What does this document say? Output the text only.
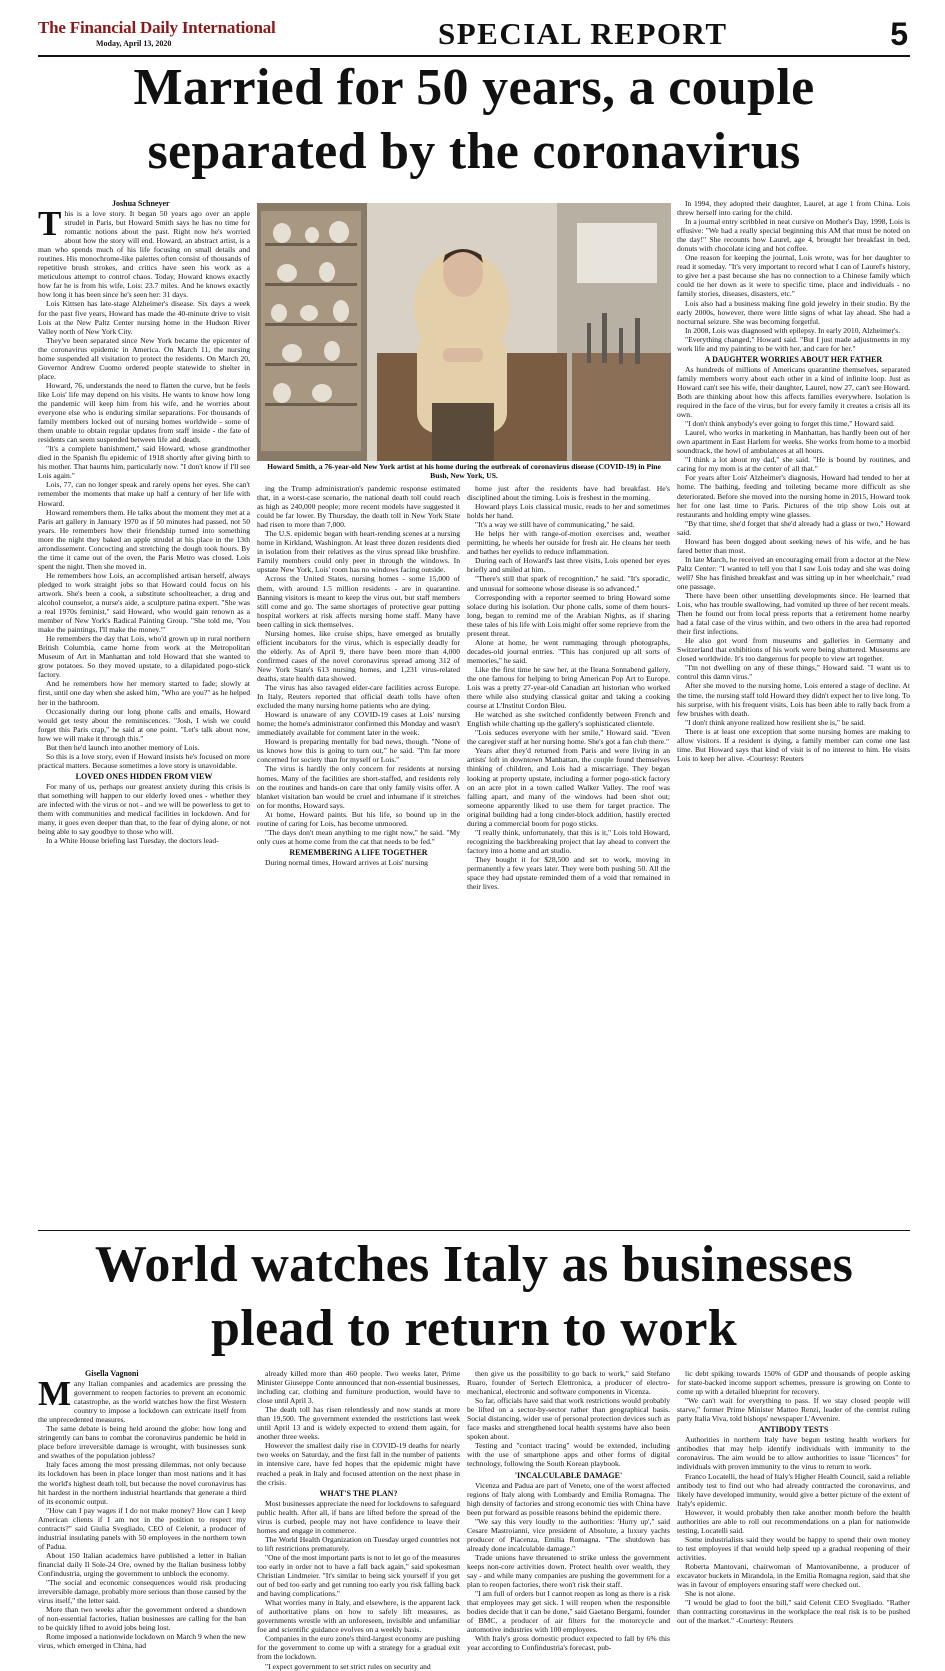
The Financial Daily International
Moday, April 13, 2020	SPECIAL REPORT	5
Married for 50 years, a couple
separated by the coronavirus
Joshua Schneyer

This is a love story. It began 50 years ago over an apple strudel in Paris, but Howard Smith says he has no time for romantic notions about the past. Right now he's worried about how the story will end. Howard, an abstract artist, is a man who spends much of his life focusing on small details and routines. His monochrome-like palettes often consist of thousands of repetitive brush strokes, and critics have seen his work as a meticulous attempt to control chaos. Today, Howard knows exactly how far he is from his wife, Lois: 23.7 miles. And he knows exactly how long it has been since he's seen her: 31 days.

Lois Kittsen has late-stage Alzheimer's disease. Six days a week for the past five years, Howard has made the 40-minute drive to visit Lois at the New Paltz Center nursing home in the Hudson River Valley north of New York City.

They've been separated since New York became the epicenter of the coronavirus epidemic in America. On March 11, the nursing home suspended all visitation to protect the residents. On March 20, Governor Andrew Cuomo ordered people statewide to shelter in place.

Howard, 76, understands the need to flatten the curve, but he feels like Lois' life may depend on his visits. He wants to know how long the pandemic will keep him from his wife, and he worries about everyone else who is enduring similar separations. For thousands of family members locked out of nursing homes worldwide - some of them unable to obtain regular updates from staff inside - the fate of residents can seem suspended between life and death.

"It's a complete banishment," said Howard, whose grandmother died in the Spanish flu epidemic of 1918 shortly after giving birth to his mother. That haunts him, particularly now. "I don't know if I'll see Lois again."

Lois, 77, can no longer speak and rarely opens her eyes. She can't remember the moments that make up half a century of her life with Howard.

Howard remembers them. He talks about the moment they met at a Paris art gallery in January 1970 as if 50 minutes had passed, not 50 years. He remembers how their friendship turned into something more the night they baked an apple strudel at his place in the 13th arrondissement. Concocting and stretching the dough took hours. By the time it came out of the oven, the Paris Metro was closed. Lois spent the night. Then she moved in.

He remembers how Lois, an accomplished artisan herself, always pledged to work straight jobs so that Howard could focus on his artwork. She's been a cook, a substitute schoolteacher, a drug and alcohol counselor, a nurse's aide, a sculpture patina expert. "She was a real 1970s feminist," said Howard, who would gain renown as a member of New York's Radical Painting Group. "She told me, 'You make the paintings, I'll make the money.'"

He remembers the day that Lois, who'd grown up in rural northern British Columbia, came home from work at the Metropolitan Museum of Art in Manhattan and told Howard that she wanted to grow potatoes. So they moved upstate, to a dilapidated pogo-stick factory.

And he remembers how her memory started to fade; slowly at first, until one day when she asked him, "Who are you?" as he helped her in the bathroom.

Occasionally during our long phone calls and emails, Howard would get testy about the reminiscences. "Josh, I wish we could forget this Paris crap," he said at one point. "Let's talk about now, how we will make it through this."

But then he'd launch into another memory of Lois.

So this is a love story, even if Howard insists he's focused on more practical matters. Because sometimes a love story is unavoidable.

LOVED ONES HIDDEN FROM VIEW

For many of us, perhaps our greatest anxiety during this crisis is that something will happen to our elderly loved ones - whether they are infected with the virus or not - and we will be powerless to get to them with communities and medical facilities in lockdown. And for many, it goes even deeper than that, to the fear of dying alone, or not being able to say goodbye to those who will.

In a White House briefing last Tuesday, the doctors lead-

ing the Trump administration's pandemic response estimated that, in a worst-case scenario, the national death toll could reach as high as 240,000 people; more recent models have suggested it could be far lower. By Thursday, the death toll in New York State had risen to more than 7,000.

The U.S. epidemic began with heart-rending scenes at a nursing home in Kirkland, Washington. At least three dozen residents died in isolation from their relatives as the virus spread like brushfire. Family members could only peer in through the windows. In upstate New York, Lois' room has no windows facing outside.

Across the United States, nursing homes - some 15,000 of them, with around 1.5 million residents - are in quarantine. Banning visitors is meant to keep the virus out, but staff members still come and go. The same shortages of protective gear putting hospital workers at risk affects nursing home staff. Many have been calling in sick themselves.

Nursing homes, like cruise ships, have emerged as brutally efficient incubators for the virus, which is especially deadly for the elderly. As of April 9, there have been more than 4,000 confirmed cases of the novel coronavirus spread among 312 of New York State's 613 nursing homes, and 1,231 virus-related deaths, state health data showed.

The virus has also ravaged elder-care facilities across Europe. In Italy, Reuters reported that official death tolls have often excluded the many nursing home patients who are dying.

Howard is unaware of any COVID-19 cases at Lois' nursing home; the home's administrator confirmed this Monday and wasn't immediately available for comment later in the week.

Howard is preparing mentally for bad news, though. "None of us knows how this is going to turn out," he said. "I'm far more concerned for society than for myself or Lois."

The virus is hardly the only concern for residents at nursing homes. Many of the facilities are short-staffed, and residents rely on the routines and hands-on care that only family visits offer. A blanket visitation ban would be cruel and inhumane if it stretches on for months, Howard says.

At home, Howard paints. But his life, so bound up in the routine of caring for Lois, has become unmoored.

"The days don't mean anything to me right now," he said. "My only cues at home come from the cat that needs to be fed."

REMEMBERING A LIFE TOGETHER

During normal times, Howard arrives at Lois' nursing

home just after the residents have had breakfast. He's disciplined about the timing. Lois is freshest in the morning.

Howard plays Lois classical music, reads to her and sometimes holds her hand.

"It's a way we still have of communicating," he said.

He helps her with range-of-motion exercises and, weather permitting, he wheels her outside for fresh air. He cleans her teeth and bathes her eyelids to reduce inflammation.

During each of Howard's last three visits, Lois opened her eyes briefly and smiled at him.

"There's still that spark of recognition," he said. "It's sporadic, and unusual for someone whose disease is so advanced."

Corresponding with a reporter seemed to bring Howard some solace during his isolation. Our phone calls, some of them hours-long, began to remind me of the Arabian Nights, as if sharing these tales of his life with Lois might offer some reprieve from the present threat.

Alone at home, he went rummaging through photographs, decades-old journal entries. "This has conjured up all sorts of memories," he said.

Like the first time he saw her, at the Ileana Sonnabend gallery, the one famous for helping to bring American Pop Art to Europe. Lois was a pretty 27-year-old Canadian art historian who worked there while also studying classical guitar and taking a cooking course at L'Institut Cordon Bleu.

He watched as she switched confidently between French and English while chatting up the gallery's sophisticated clientele.

"Lois seduces everyone with her smile," Howard said. "Even the caregiver staff at her nursing home. She's got a fan club there."

Years after they'd returned from Paris and were living in an artists' loft in downtown Manhattan, the couple found themselves thinking of children, and Lois had a miscarriage. They began looking at property upstate, including a former pogo-stick factory on an acre plot in a town called Walker Valley. The roof was falling apart, and many of the windows had been shot out; someone apparently liked to use them for target practice. The original building had a long cinder-block addition, hastily erected during a commercial boom for pogo sticks.

"I really think, unfortunately, that this is it," Lois told Howard, recognizing the backbreaking project that lay ahead to convert the factory into a home and art studio.

They bought it for $28,500 and set to work, moving in permanently a few years later. They were both pushing 50. All the space they had upstate reminded them of a void that remained in their lives.

In 1994, they adopted their daughter, Laurel, at age 1 from China. Lois threw herself into caring for the child.

In a journal entry scribbled in neat cursive on Mother's Day, 1998, Lois is effusive: "We had a really special beginning this AM that must be noted on the day!" She recounts how Laurel, age 4, brought her breakfast in bed, donuts with chocolate icing and hot coffee.

One reason for keeping the journal, Lois wrote, was for her daughter to read it someday. "It's very important to record what I can of Laurel's history, to give her a past because she has no connection to a Chinese family which could tie her down as it were to specific time, place and individuals - no family stories, diseases, disasters, etc."

Lois also had a business making fine gold jewelry in their studio. By the early 2000s, however, there were little signs of what lay ahead. She had a nocturnal seizure. She was becoming forgetful.

In 2008, Lois was diagnosed with epilepsy. In early 2010, Alzheimer's.

"Everything changed," Howard said. "But I just made adjustments in my work life and my painting to be with her, and care for her."

A DAUGHTER WORRIES ABOUT HER FATHER

As hundreds of millions of Americans quarantine themselves, separated family members worry about each other in a kind of infinite loop. Just as Howard can't see his wife, their daughter, Laurel, now 27, can't see Howard. Both are thinking about how this affects families everywhere. Isolation is required in the face of the virus, but for every family it creates a crisis all its own.

"I don't think anybody's ever going to forget this time," Howard said.

Laurel, who works in marketing in Manhattan, has hardly been out of her own apartment in East Harlem for weeks. She works from home to a morbid soundtrack, the howl of ambulances at all hours.

"I think a lot about my dad," she said. "He is bound by routines, and caring for my mom is at the center of all that."

For years after Lois' Alzheimer's diagnosis, Howard had tended to her at home. The bathing, feeding and toileting became more difficult as she deteriorated. Before she moved into the nursing home in 2015, Howard took her for one last time to Paris. Pictures of the trip show Lois out at restaurants and holding empty wine glasses.

"By that time, she'd forget that she'd already had a glass or two," Howard said.

Howard has been dogged about seeking news of his wife, and he has fared better than most.

In late March, he received an encouraging email from a doctor at the New Paltz Center: "I wanted to tell you that I saw Lois today and she was doing well? She has finished breakfast and was sitting up in her wheelchair," read one passage.

There have been other unsettling developments since. He learned that Lois, who has trouble swallowing, had vomited up three of her recent meals. Then he found out from local press reports that a retirement home nearby had a fatal case of the virus within, and two others in the area had reported their first infections.

He also got word from museums and galleries in Germany and Switzerland that exhibitions of his work were being shuttered. Museums are closed worldwide. It's too dangerous for people to view art together.

"I'm not dwelling on any of these things," Howard said. "I want us to control this damn virus."

After she moved to the nursing home, Lois entered a stage of decline. At the time, the nursing staff told Howard they didn't expect her to live long. To his surprise, with his frequent visits, Lois has been able to rally back from a few brushes with death.

"I don't think anyone realized how resilient she is," he said.

There is at least one exception that some nursing homes are making to allow visitors. If a resident is dying, a family member can come one last time. But Howard says that kind of visit is of no interest to him. He visits Lois to keep her alive. -Courtesy: Reuters

Howard Smith, a 76-year-old New York artist at his home during the outbreak of coronavirus disease (COVID-19) in Pine Bush, New York, US.
World watches Italy as businesses
plead to return to work
Gisella Vagnoni

Many Italian companies and academics are pressing the government to reopen factories to prevent an economic catastrophe, as the world watches how the first Western country to impose a lockdown can extricate itself from the unprecedented measures.

The same debate is being held around the globe: how long and stringently can bans to combat the coronavirus pandemic be held in place before irreversible damage is wrought, with businesses sunk and swathes of the population jobless?

Italy faces among the most pressing dilemmas, not only because its lockdown has been in place longer than most nations and it has the world's highest death toll, but because the novel coronavirus has hit hardest in the northern industrial heartlands that generate a third of its economic output.

"How can I pay wages if I do not make money? How can I keep American clients if I am not in the position to respect my contracts?" said Giulia Svegliado, CEO of Celenit, a producer of industrial insulating panels with 50 employees in the northern town of Padua.

About 150 Italian academics have published a letter in Italian financial daily Il Sole-24 Ore, owned by the Italian business lobby Confindustria, urging the government to unblock the economy.

"The social and economic consequences would risk producing irreversible damage, probably more serious than those caused by the virus itself," the letter said.

More than two weeks after the government ordered a shutdown of non-essential factories, Italian businesses are calling for the ban to be quickly lifted to avoid jobs being lost.

Rome imposed a nationwide lockdown on March 9 when the new virus, which emerged in China, had

already killed more than 460 people. Two weeks later, Prime Minister Giuseppe Conte announced that non-essential businesses, including car, clothing and furniture production, would have to close until April 3.

The death toll has risen relentlessly and now stands at more than 19,500. The government extended the restrictions last week until April 13 and is widely expected to extend them again, for another three weeks.

However the smallest daily rise in COVID-19 deaths for nearly two weeks on Saturday, and the first fall in the number of patients in intensive care, have fed hopes that the epidemic might have reached a peak in Italy and focused attention on the next phase in the crisis.

WHAT'S THE PLAN?

Most businesses appreciate the need for lockdowns to safeguard public health. After all, if bans are lifted before the spread of the virus is curbed, people may not have confidence to leave their homes and engage in commerce.

The World Health Organization on Tuesday urged countries not to lift restrictions prematurely.

"One of the most important parts is not to let go of the measures too early in order not to have a fall back again," said spokesman Christian Lindmeier. "It's similar to being sick yourself if you get out of bed too early and get running too early you risk falling back and having complications."

What worries many in Italy, and elsewhere, is the apparent lack of authoritative plans on how to safely lift measures, as governments wrestle with an unforeseen, invisible and unfamiliar foe and scientific guidance evolves on a weekly basis.

Companies in the euro zone's third-largest economy are pushing for the government to come up with a strategy for a gradual exit from the lockdown.

"I expect government to set strict rules on security and

then give us the possibility to go back to work," said Stefano Ruaro, founder of Sertech Elettronica, a producer of electro-mechanical, electronic and software components in Vicenza.

So far, officials have said that work restrictions would probably be lifted on a sector-by-sector rather than geographical basis. Social distancing, wider use of personal protection devices such as face masks and strengthened local health systems have also been spoken about.

Testing and "contact tracing" would be extended, including with the use of smartphone apps and other forms of digital technology, following the South Korean playbook.

'INCALCULABLE DAMAGE'

Vicenza and Padua are part of Veneto, one of the worst affected regions of Italy along with Lombardy and Emilia Romagna. The high density of factories and strong economic ties with China have been put forward as possible reasons behind the epidemic there.

"We say this very loudly to the authorities: 'Hurry up'," said Cesare Mastroianni, vice president of Absolute, a luxury yachts producer of Piacenza, Emilia Romagna. "The shutdown has already done incalculable damage."

Trade unions have threatened to strike unless the government keeps non-core activities down. Protect health over wealth, they say - and while many companies are pushing the government for a plan to reopen factories, there won't risk their staff.

"I am full of orders but I cannot reopen as long as there is a risk that employees may get sick. I will reopen when the responsible bodies decide that it can be done," said Gaetano Bergami, founder of BMC, a producer of air filters for the motorcycle and automotive industries with 100 employees.

With Italy's gross domestic product expected to fall by 6% this year according to Confindustria's forecast, pub-

lic debt spiking towards 150% of GDP and thousands of people asking for state-backed income support schemes, pressure is growing on Conte to come up with a detailed blueprint for recovery.

"We can't wait for everything to pass. If we stay closed people will starve," former Prime Minister Matteo Renzi, leader of the centrist ruling party Italia Viva, told bishops' newspaper L'Avvenire.

ANTIBODY TESTS

Authorities in northern Italy have begun testing health workers for antibodies that may help identify individuals with immunity to the coronavirus. The aim would be to allow authorities to issue "licences" for individuals with proven immunity to the virus to return to work.

Franco Locatelli, the head of Italy's Higher Health Council, said a reliable antibody test to find out who had already contracted the coronavirus, and likely have developed immunity, would give a better picture of the extent of Italy's epidemic.

However, it would probably then take another month before the health authorities are able to roll out recommendations on a plan for nationwide testing, Locatelli said.

Some industrialists said they would be happy to spend their own money to test employees if that would help speed up a gradual reopening of their activities.

Roberta Mantovani, chairwoman of Mantovanibenne, a producer of excavator buckets in Mirandola, in the Emilia Romagna region, said that she was in favour of employers ensuring staff were checked out.

She is not alone.

"I would be glad to foot the bill," said Celenit CEO Svegliado. "Rather than contracting coronavirus in the workplace the real risk is to be pushed out of the market." -Courtesy: Reuters
